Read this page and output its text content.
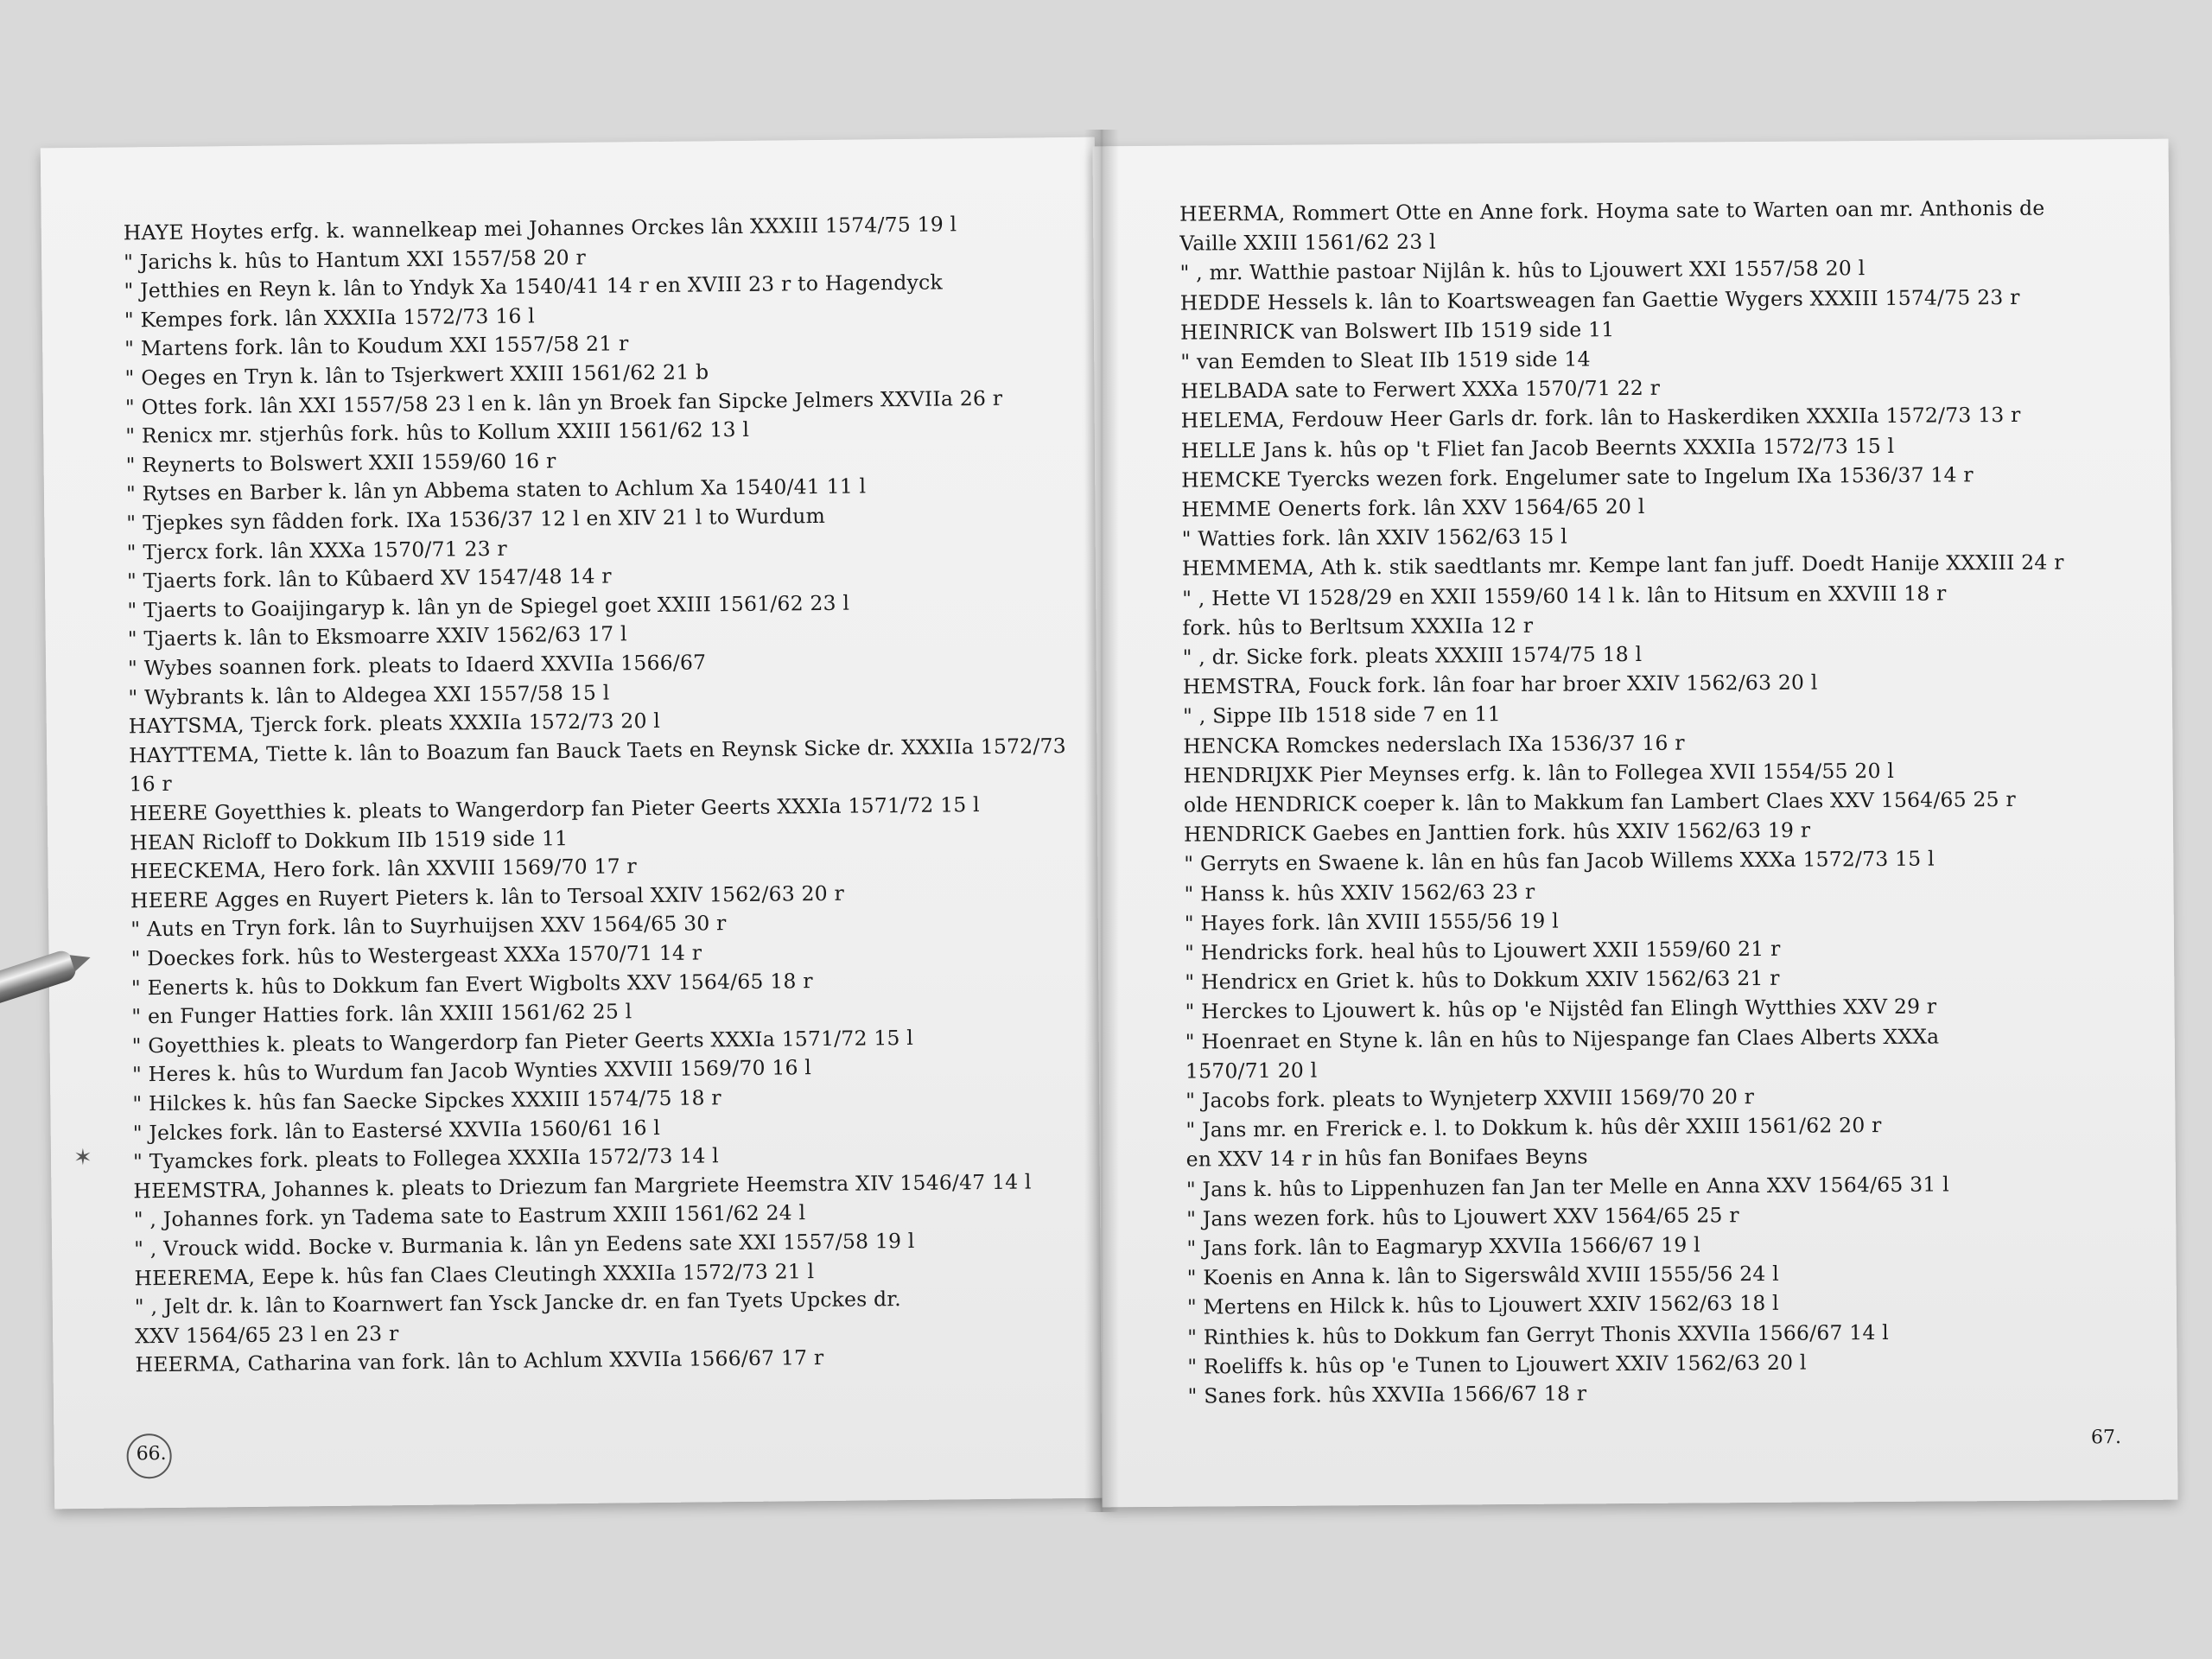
HAYE Hoytes erfg. k. wannelkeap mei Johannes Orckes lân XXXIII 1574/75 19 l
" Jarichs k. hûs to Hantum XXI 1557/58 20 r
" Jetthies en Reyn k. lân to Yndyk Xa 1540/41 14 r en XVIII 23 r to Hagendyck
" Kempes fork. lân XXXIIa 1572/73 16 l
" Martens fork. lân to Koudum XXI 1557/58 21 r
" Oeges en Tryn k. lân to Tsjerkwert XXIII 1561/62 21 b
" Ottes fork. lân XXI 1557/58 23 l en k. lân yn Broek fan Sipcke Jelmers XXVIIa 26 r
" Renicx mr. stjerhûs fork. hûs to Kollum XXIII 1561/62 13 l
" Reynerts to Bolswert XXII 1559/60 16 r
" Rytses en Barber k. lân yn Abbema staten to Achlum Xa 1540/41 11 l
" Tjepkes syn fâdden fork. IXa 1536/37 12 l en XIV 21 l to Wurdum
" Tjercx fork. lân XXXa 1570/71 23 r
" Tjaerts fork. lân to Kûbaerd XV 1547/48 14 r
" Tjaerts to Goaijingaryp k. lân yn de Spiegel goet XXIII 1561/62 23 l
" Tjaerts k. lân to Eksmoarre XXIV 1562/63 17 l
" Wybes soannen fork. pleats to Idaerd XXVIIa 1566/67
" Wybrants k. lân to Aldegea XXI 1557/58 15 l
HAYTSMA, Tjerck fork. pleats XXXIIa 1572/73 20 l
HAYTTEMA, Tiette k. lân to Boazum fan Bauck Taets en Reynsk Sicke dr. XXXIIa 1572/73
16 r
HEERE Goyetthies k. pleats to Wangerdorp fan Pieter Geerts XXXIa 1571/72 15 l
HEAN Ricloff to Dokkum IIb 1519 side 11
HEECKEMA, Hero fork. lân XXVIII 1569/70 17 r
HEERE Agges en Ruyert Pieters k. lân to Tersoal XXIV 1562/63 20 r
" Auts en Tryn fork. lân to Suyrhuijsen XXV 1564/65 30 r
" Doeckes fork. hûs to Westergeast XXXa 1570/71 14 r
" Eenerts k. hûs to Dokkum fan Evert Wigbolts XXV 1564/65 18 r
" en Funger Hatties fork. lân XXIII 1561/62 25 l
" Goyetthies k. pleats to Wangerdorp fan Pieter Geerts XXXIa 1571/72 15 l
" Heres k. hûs to Wurdum fan Jacob Wynties XXVIII 1569/70 16 l
" Hilckes k. hûs fan Saecke Sipckes XXXIII 1574/75 18 r
" Jelckes fork. lân to Eastersé XXVIIa 1560/61 16 l
" Tyamckes fork. pleats to Follegea XXXIIa 1572/73 14 l
HEEMSTRA, Johannes k. pleats to Driezum fan Margriete Heemstra XIV 1546/47 14 l
" , Johannes fork. yn Tadema sate to Eastrum XXIII 1561/62 24 l
" , Vrouck widd. Bocke v. Burmania k. lân yn Eedens sate XXI 1557/58 19 l
HEEREMA, Eepe k. hûs fan Claes Cleutingh XXXIIa 1572/73 21 l
" , Jelt dr. k. lân to Koarnwert fan Ysck Jancke dr. en fan Tyets Upckes dr.
XXV 1564/65 23 l en 23 r
HEERMA, Catharina van fork. lân to Achlum XXVIIa 1566/67 17 r
66.
HEERMA, Rommert Otte en Anne fork. Hoyma sate to Warten oan mr. Anthonis de
Vaille XXIII 1561/62 23 l
" , mr. Watthie pastoar Nijlân k. hûs to Ljouwert XXI 1557/58 20 l
HEDDE Hessels k. lân to Koartsweagen fan Gaettie Wygers XXXIII 1574/75 23 r
HEINRICK van Bolswert IIb 1519 side 11
" van Eemden to Sleat IIb 1519 side 14
HELBADA sate to Ferwert XXXa 1570/71 22 r
HELEMA, Ferdouw Heer Garls dr. fork. lân to Haskerdiken XXXIIa 1572/73 13 r
HELLE Jans k. hûs op 't Fliet fan Jacob Beernts XXXIIa 1572/73 15 l
HEMCKE Tyercks wezen fork. Engelumer sate to Ingelum IXa 1536/37 14 r
HEMME Oenerts fork. lân XXV 1564/65 20 l
" Watties fork. lân XXIV 1562/63 15 l
HEMMEMA, Ath k. stik saedtlants mr. Kempe lant fan juff. Doedt Hanije XXXIII 24 r
" , Hette VI 1528/29 en XXII 1559/60 14 l k. lân to Hitsum en XXVIII 18 r
fork. hûs to Berltsum XXXIIa 12 r
" , dr. Sicke fork. pleats XXXIII 1574/75 18 l
HEMSTRA, Fouck fork. lân foar har broer XXIV 1562/63 20 l
" , Sippe IIb 1518 side 7 en 11
HENCKA Romckes nederslach IXa 1536/37 16 r
HENDRIJXK Pier Meynses erfg. k. lân to Follegea XVII 1554/55 20 l
olde HENDRICK coeper k. lân to Makkum fan Lambert Claes XXV 1564/65 25 r
HENDRICK Gaebes en Janttien fork. hûs XXIV 1562/63 19 r
" Gerryts en Swaene k. lân en hûs fan Jacob Willems XXXa 1572/73 15 l
" Hanss k. hûs XXIV 1562/63 23 r
" Hayes fork. lân XVIII 1555/56 19 l
" Hendricks fork. heal hûs to Ljouwert XXII 1559/60 21 r
" Hendricx en Griet k. hûs to Dokkum XXIV 1562/63 21 r
" Herckes to Ljouwert k. hûs op 'e Nijstêd fan Elingh Wytthies XXV 29 r
" Hoenraet en Styne k. lân en hûs to Nijespange fan Claes Alberts XXXa
1570/71 20 l
" Jacobs fork. pleats to Wynjeterp XXVIII 1569/70 20 r
" Jans mr. en Frerick e. l. to Dokkum k. hûs dêr XXIII 1561/62 20 r
en XXV 14 r in hûs fan Bonifaes Beyns
" Jans k. hûs to Lippenhuzen fan Jan ter Melle en Anna XXV 1564/65 31 l
" Jans wezen fork. hûs to Ljouwert XXV 1564/65 25 r
" Jans fork. lân to Eagmaryp XXVIIa 1566/67 19 l
" Koenis en Anna k. lân to Sigerswâld XVIII 1555/56 24 l
" Mertens en Hilck k. hûs to Ljouwert XXIV 1562/63 18 l
" Rinthies k. hûs to Dokkum fan Gerryt Thonis XXVIIa 1566/67 14 l
" Roeliffs k. hûs op 'e Tunen to Ljouwert XXIV 1562/63 20 l
" Sanes fork. hûs XXVIIa 1566/67 18 r
67.
✶
